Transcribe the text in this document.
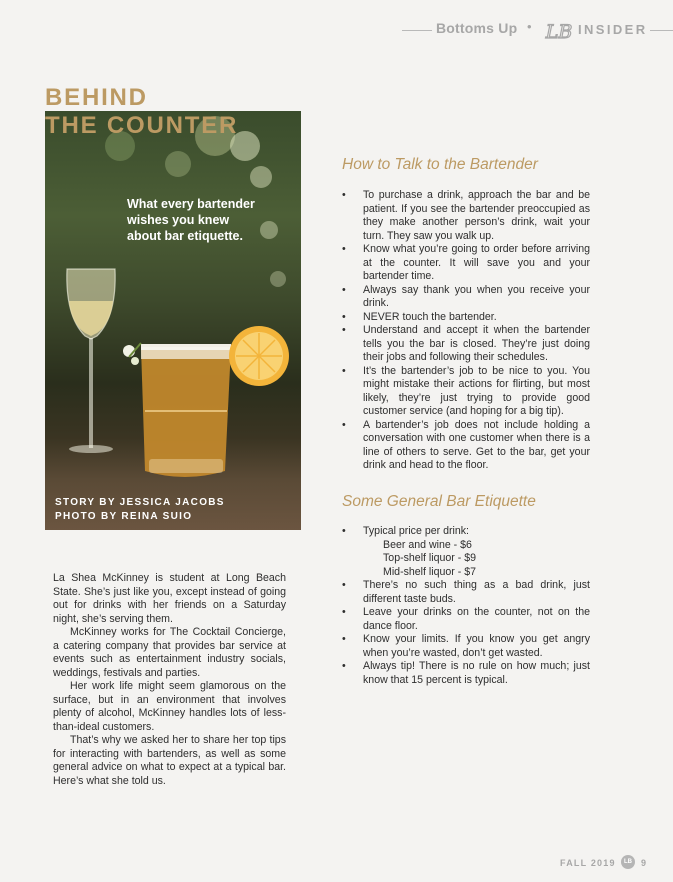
Bottoms Up • LB INSIDER
What every bartender wishes you knew about bar etiquette.
STORY BY JESSICA JACOBS
PHOTO BY REINA SUIO
BEHIND
THE COUNTER

La Shea McKinney is student at Long Beach State. She’s just like you, except instead of going out for drinks with her friends on a Saturday night, she’s serving them.

McKinney works for The Cocktail Concierge, a catering company that provides bar service at events such as entertainment industry socials, weddings, festivals and parties.

Her work life might seem glamorous on the surface, but in an environment that involves plenty of alcohol, McKinney handles lots of less-than-ideal customers.

That’s why we asked her to share her top tips for interacting with bartenders, as well as some general advice on what to expect at a typical bar. Here’s what she told us.

How to Talk to the Bartender
• To purchase a drink, approach the bar and be patient. If you see the bartender preoccupied as they make another person’s drink, wait your turn. They saw you walk up.
• Know what you’re going to order before arriving at the counter. It will save you and your bartender time.
• Always say thank you when you receive your drink.
• NEVER touch the bartender.
• Understand and accept it when the bartender tells you the bar is closed. They’re just doing their jobs and following their schedules.
• It’s the bartender’s job to be nice to you. You might mistake their actions for flirting, but most likely, they’re just trying to provide good customer service (and hoping for a big tip).
• A bartender’s job does not include holding a conversation with one customer when there is a line of others to serve. Get to the bar, get your drink and head to the floor.
Some General Bar Etiquette
• Typical price per drink:
Beer and wine - $6
Top-shelf liquor - $9
Mid-shelf liquor - $7
• There’s no such thing as a bad drink, just different taste buds.
• Leave your drinks on the counter, not on the dance floor.
• Know your limits. If you know you get angry when you’re wasted, don’t get wasted.
• Always tip! There is no rule on how much; just know that 15 percent is typical.
FALL 2019	LB	9
